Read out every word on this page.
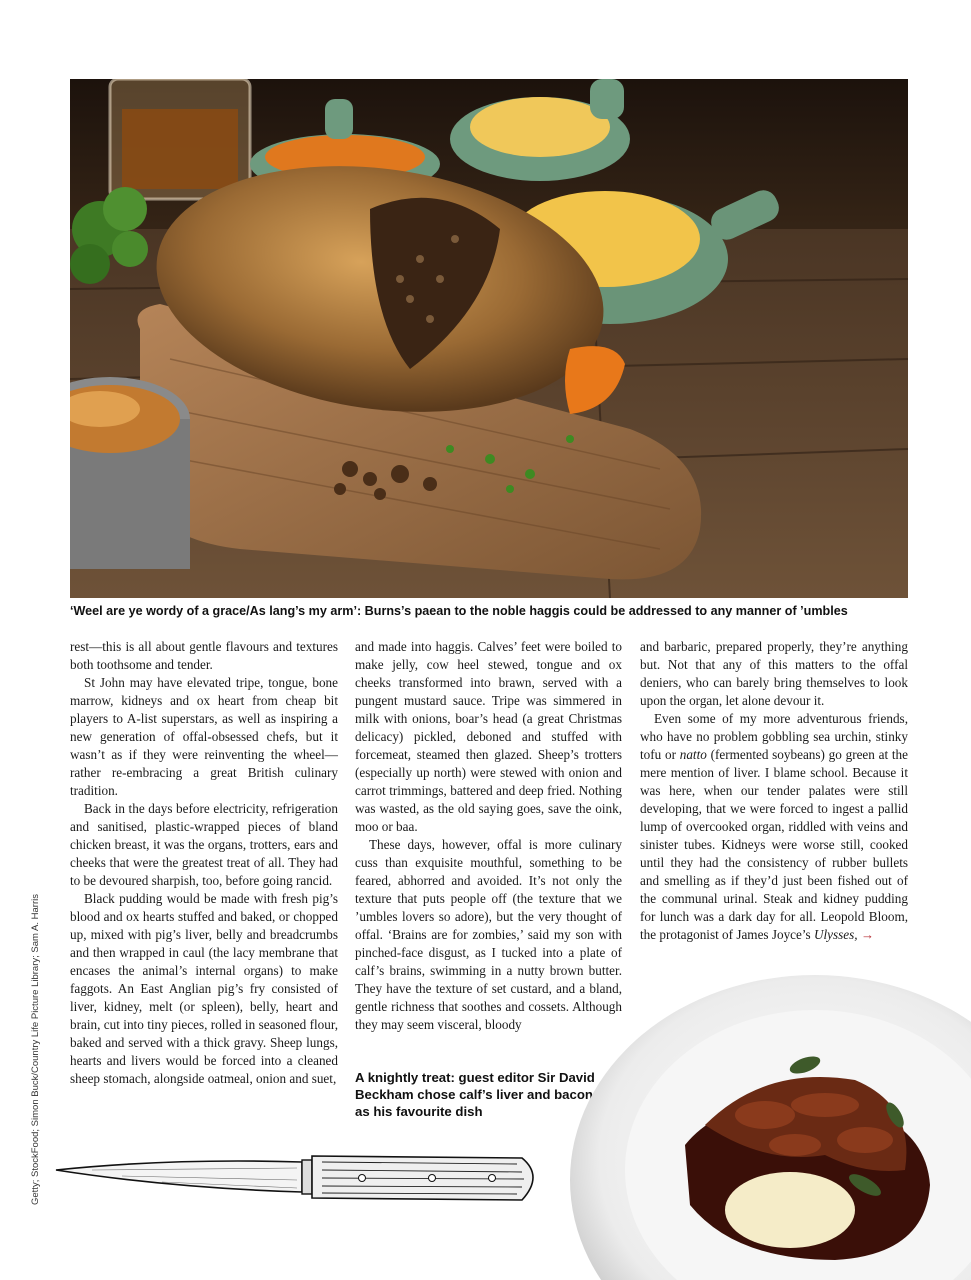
‘Weel are ye wordy of a grace/As lang’s my arm’: Burns’s paean to the noble haggis could be addressed to any manner of ’umbles

rest—this is all about gentle flavours and textures both toothsome and tender.

St John may have elevated tripe, tongue, bone marrow, kidneys and ox heart from cheap bit players to A-list superstars, as well as inspiring a new generation of offal-obsessed chefs, but it wasn’t as if they were reinventing the wheel—rather re-embracing a great British culinary tradition.

Back in the days before electricity, refrigeration and sanitised, plastic-wrapped pieces of bland chicken breast, it was the organs, trotters, ears and cheeks that were the greatest treat of all. They had to be devoured sharpish, too, before going rancid.

Black pudding would be made with fresh pig’s blood and ox hearts stuffed and baked, or chopped up, mixed with pig’s liver, belly and breadcrumbs and then wrapped in caul (the lacy membrane that encases the animal’s internal organs) to make faggots. An East Anglian pig’s fry consisted of liver, kidney, melt (or spleen), belly, heart and brain, cut into tiny pieces, rolled in seasoned flour, baked and served with a thick gravy. Sheep lungs, hearts and livers would be forced into a cleaned sheep stomach, alongside oatmeal, onion and suet,

and made into haggis. Calves’ feet were boiled to make jelly, cow heel stewed, tongue and ox cheeks transformed into brawn, served with a pungent mustard sauce. Tripe was simmered in milk with onions, boar’s head (a great Christmas delicacy) pickled, deboned and stuffed with forcemeat, steamed then glazed. Sheep’s trotters (especially up north) were stewed with onion and carrot trimmings, battered and deep fried. Nothing was wasted, as the old saying goes, save the oink, moo or baa.

These days, however, offal is more culinary cuss than exquisite mouthful, something to be feared, abhorred and avoided. It’s not only the texture that puts people off (the texture that we ’umbles lovers so adore), but the very thought of offal. ‘Brains are for zombies,’ said my son with pinched-face disgust, as I tucked into a plate of calf’s brains, swimming in a nutty brown butter. They have the texture of set custard, and a bland, gentle richness that soothes and cossets. Although they may seem visceral, bloody

and barbaric, prepared properly, they’re anything but. Not that any of this matters to the offal deniers, who can barely bring themselves to look upon the organ, let alone devour it.

Even some of my more adventurous friends, who have no problem gobbling sea urchin, stinky tofu or natto (fermented soybeans) go green at the mere mention of liver. I blame school. Because it was here, when our tender palates were still developing, that we were forced to ingest a pallid lump of overcooked organ, riddled with veins and sinister tubes. Kidneys were worse still, cooked until they had the consistency of rubber bullets and smelling as if they’d just been fished out of the communal urinal. Steak and kidney pudding for lunch was a dark day for all. Leopold Bloom, the protagonist of James Joyce’s Ulysses, →

A knightly treat: guest editor Sir David Beckham chose calf’s liver and bacon as his favourite dish
Getty; StockFood; Simon Buck/Country Life Picture Library; Sam A. Harris
